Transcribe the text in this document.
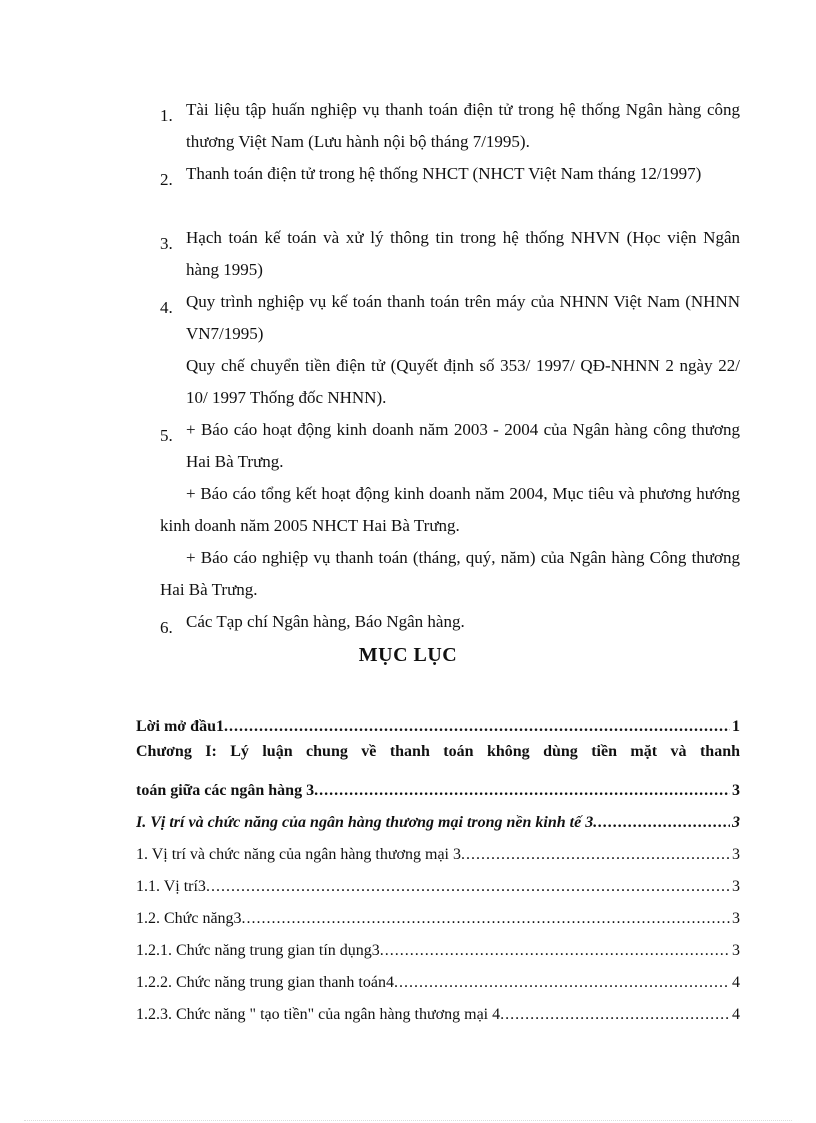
1. Tài liệu tập huấn nghiệp vụ thanh toán điện tử trong hệ thống Ngân hàng công thương Việt Nam (Lưu hành nội bộ tháng 7/1995).
2. Thanh toán điện tử trong hệ thống NHCT (NHCT Việt Nam tháng 12/1997)
3. Hạch toán kế toán và xử lý thông tin trong hệ thống NHVN (Học viện Ngân hàng 1995)
4. Quy trình nghiệp vụ kế toán thanh toán trên máy của NHNN Việt Nam (NHNN VN7/1995)
Quy chế chuyển tiền điện tử (Quyết định số 353/ 1997/ QĐ-NHNN 2 ngày 22/ 10/ 1997 Thống đốc NHNN).
5. + Báo cáo hoạt động kinh doanh năm 2003 - 2004 của Ngân hàng công thương Hai Bà Trưng.
+ Báo cáo tổng kết hoạt động kinh doanh năm 2004, Mục tiêu và phương hướng kinh doanh năm 2005 NHCT Hai Bà Trưng.
+ Báo cáo nghiệp vụ thanh toán (tháng, quý, năm) của Ngân hàng Công thương Hai Bà Trưng.
6. Các Tạp chí Ngân hàng, Báo Ngân hàng.
MỤC LỤC
Lời mở đầu1 .....	1
Chương I: Lý luận chung về thanh toán không dùng tiền mặt và thanh
toán giữa các ngân hàng 3 .....	3
I. Vị trí và chức năng của ngân hàng thương mại trong nền kinh tế 3 .....	3
1. Vị trí và chức năng của ngân hàng thương mại 3 .....	3
1.1. Vị trí3 .....	3
1.2. Chức năng3 .....	3
1.2.1. Chức năng trung gian tín dụng3 .....	3
1.2.2. Chức năng trung gian thanh toán4 .....	4
1.2.3. Chức năng " tạo tiền" của ngân hàng thương mại 4 .....	4
